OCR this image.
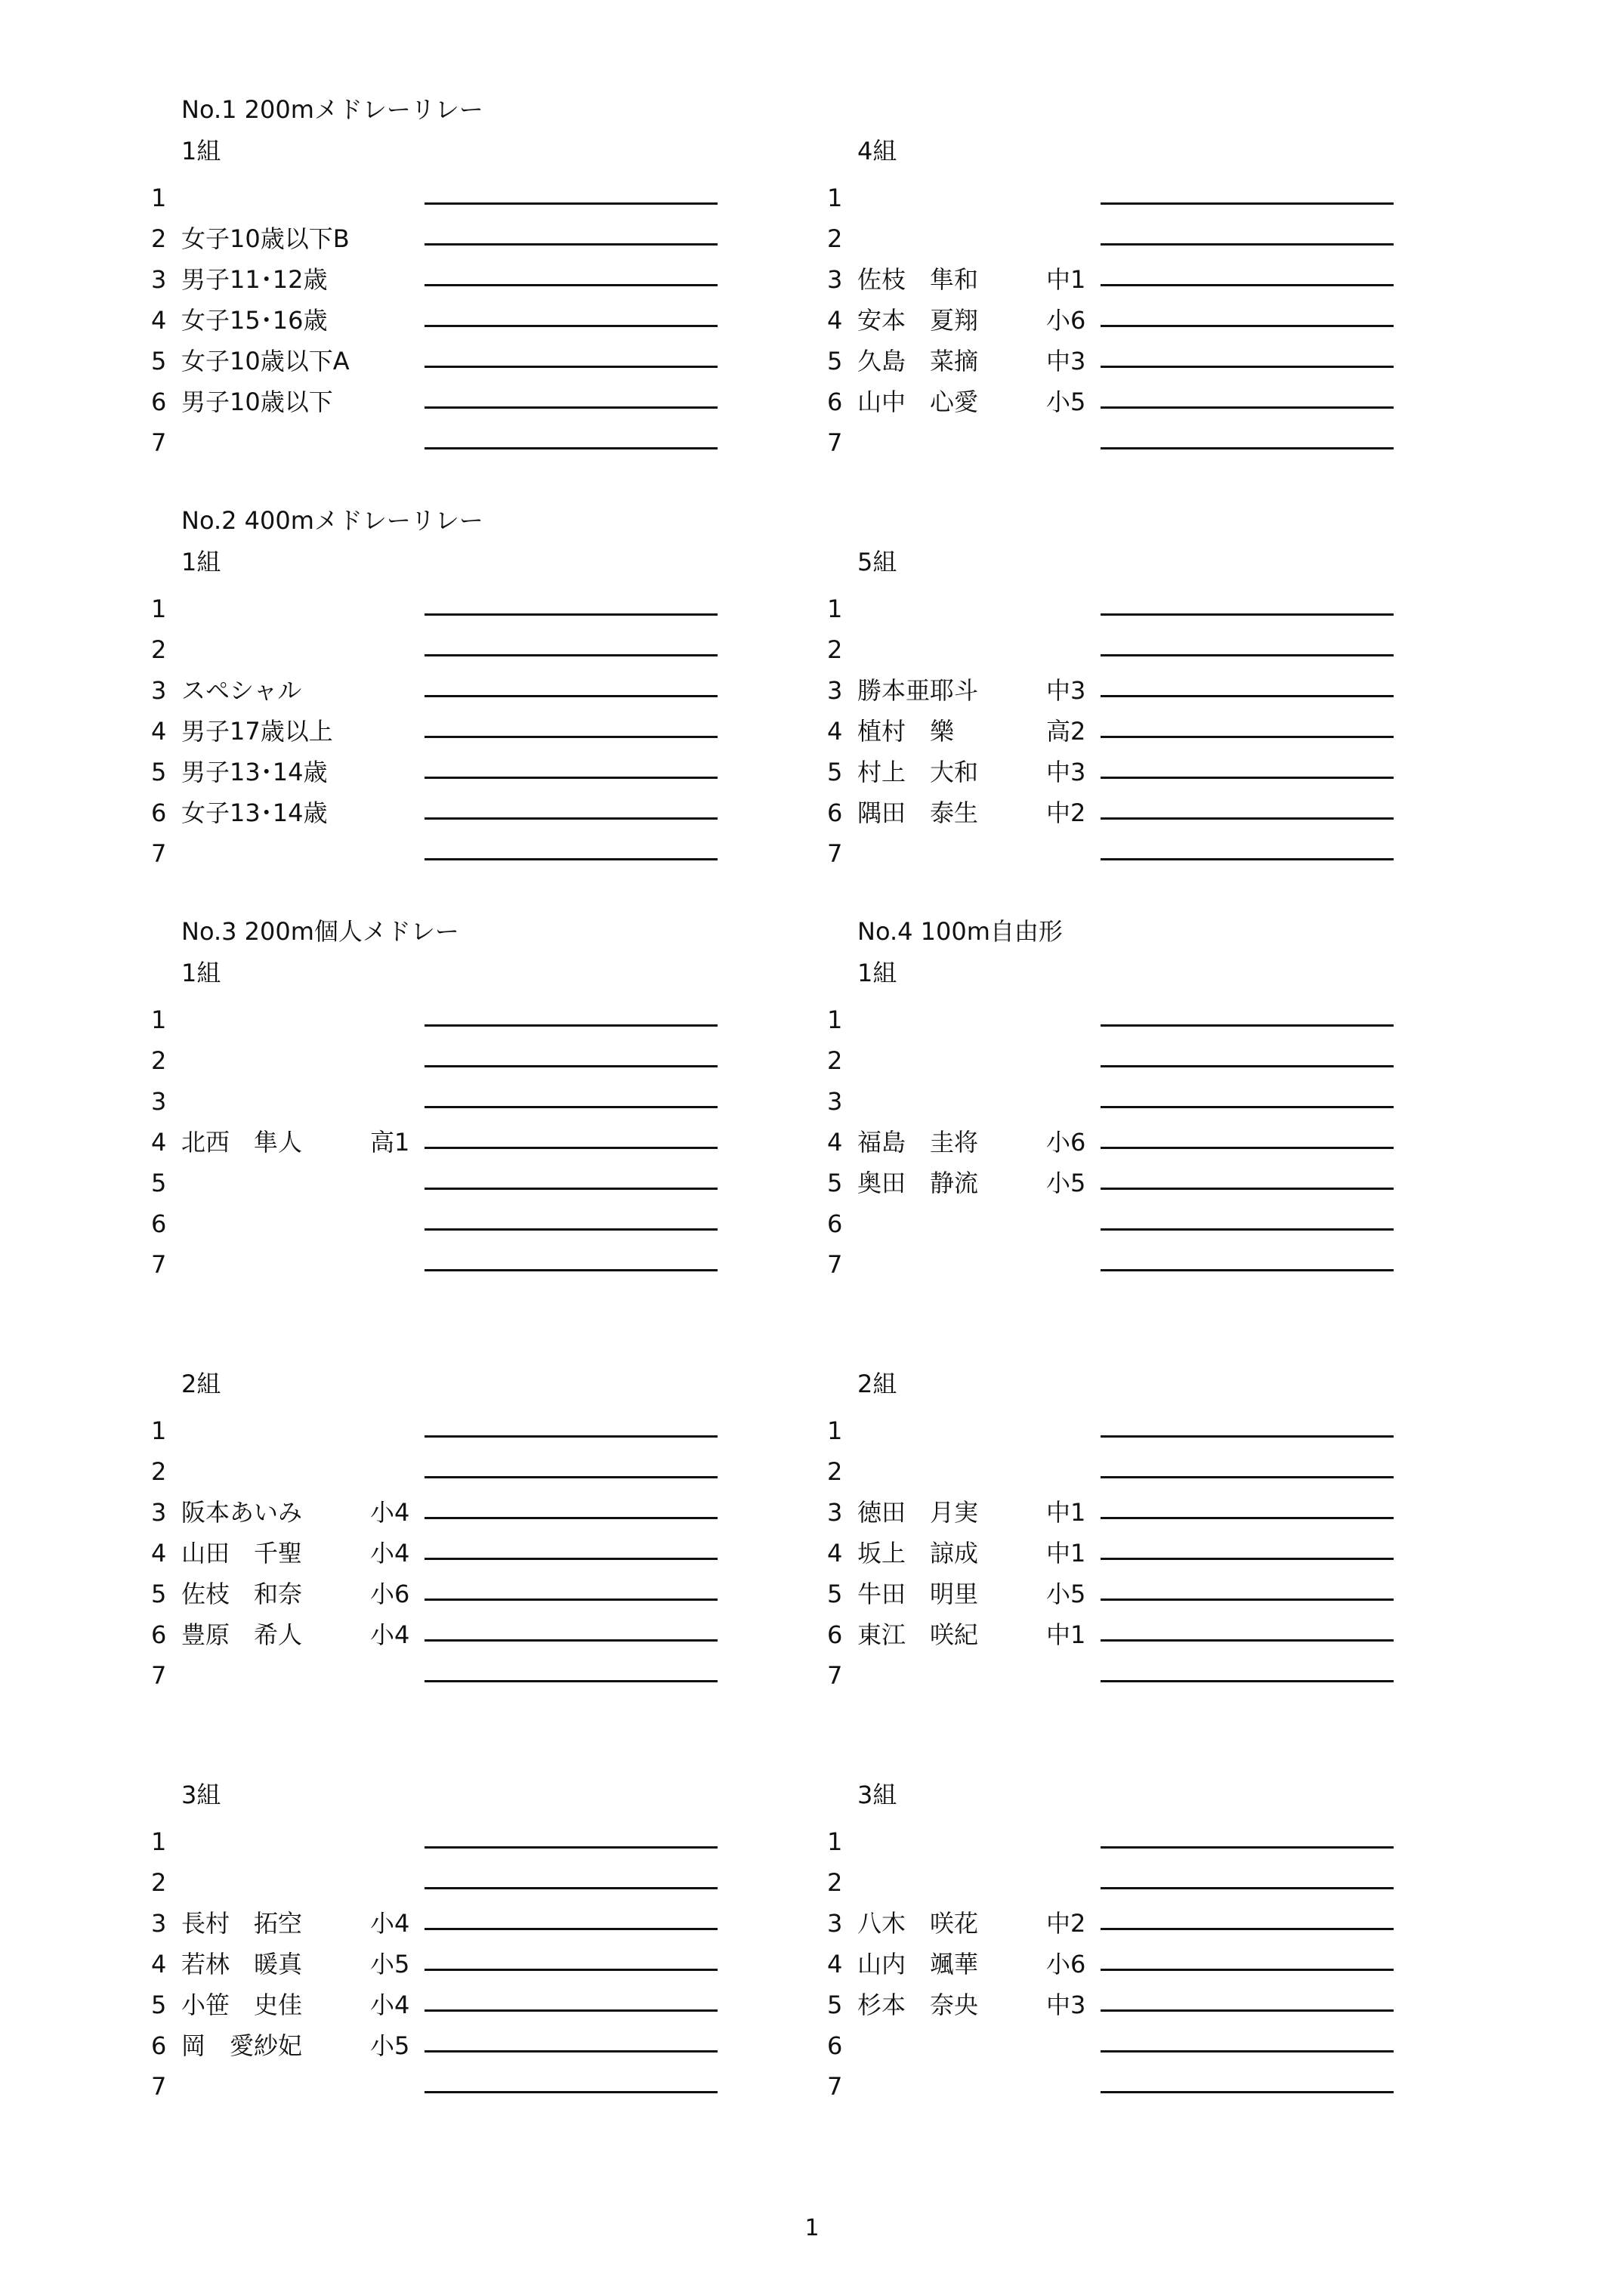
No.1 200mメドレーリレー
1組
1
2 女子10歳以下B
3 男子11･12歳
4 女子15･16歳
5 女子10歳以下A
6 男子10歳以下
7
4組
1
2
3 佐枝　隼和	中1
4 安本　夏翔	小6
5 久島　菜摘	中3
6 山中　心愛	小5
7
No.2 400mメドレーリレー
1組
1
2
3 スペシャル
4 男子17歳以上
5 男子13･14歳
6 女子13･14歳
7
5組
1
2
3 勝本亜耶斗	中3
4 植村　樂	高2
5 村上　大和	中3
6 隅田　泰生	中2
7
No.3 200m個人メドレー
1組
1
2
3
4 北西　隼人	高1
5
6
7
No.4 100m自由形
1組
1
2
3
4 福島　圭将	小6
5 奥田　静流	小5
6
7
2組
1
2
3 阪本あいみ	小4
4 山田　千聖	小4
5 佐枝　和奈	小6
6 豊原　希人	小4
7
2組
1
2
3 徳田　月実	中1
4 坂上　諒成	中1
5 牛田　明里	小5
6 東江　咲紀	中1
7
3組
1
2
3 長村　拓空	小4
4 若林　暖真	小5
5 小笹　史佳	小4
6 岡　愛紗妃	小5
7
3組
1
2
3 八木　咲花	中2
4 山内　颯華	小6
5 杉本　奈央	中3
6
7
1
